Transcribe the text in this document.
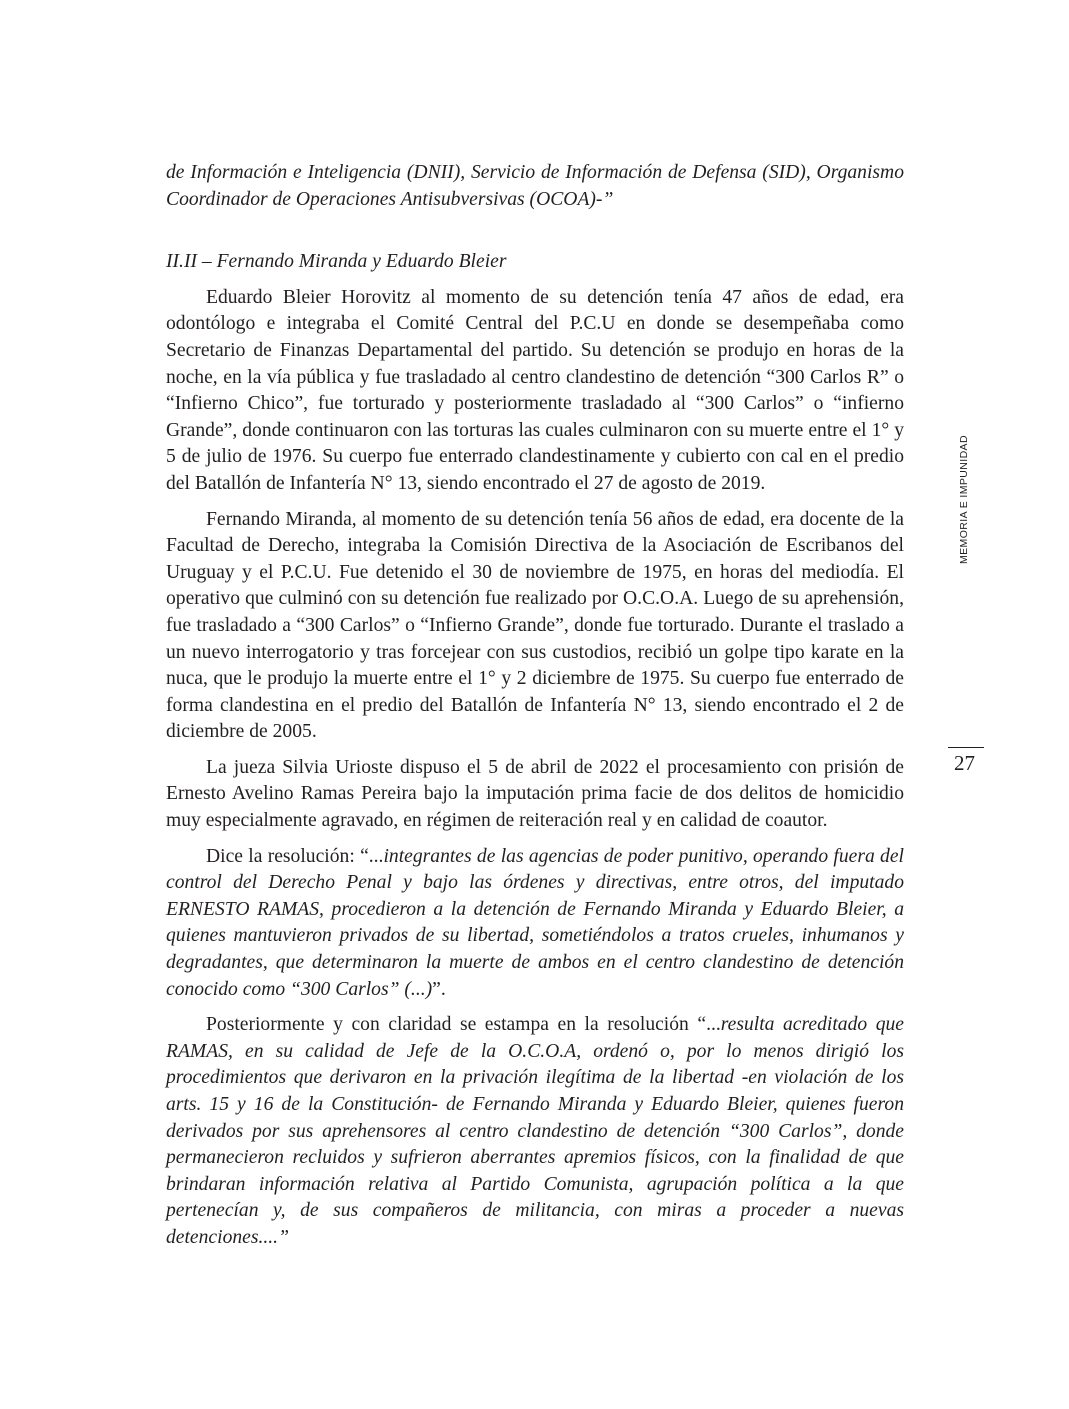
de Información e Inteligencia (DNII), Servicio de Información de Defensa (SID), Organismo Coordinador de Operaciones Antisubversivas (OCOA)-”

II.II – Fernando Miranda y Eduardo Bleier

Eduardo Bleier Horovitz al momento de su detención tenía 47 años de edad, era odontólogo e integraba el Comité Central del P.C.U en donde se desempeñaba como Secretario de Finanzas Departamental del partido. Su detención se produjo en horas de la noche, en la vía pública y fue trasladado al centro clandestino de detención “300 Carlos R” o “Infierno Chico”, fue torturado y posteriormente trasladado al “300 Carlos” o “infierno Grande”, donde continuaron con las torturas las cuales culminaron con su muerte entre el 1° y 5 de julio de 1976. Su cuerpo fue enterrado clandestinamente y cubierto con cal en el predio del Batallón de Infantería N° 13, siendo encontrado el 27 de agosto de 2019.

Fernando Miranda, al momento de su detención tenía 56 años de edad, era docente de la Facultad de Derecho, integraba la Comisión Directiva de la Asociación de Escribanos del Uruguay y el P.C.U. Fue detenido el 30 de noviembre de 1975, en horas del mediodía. El operativo que culminó con su detención fue realizado por O.C.O.A. Luego de su aprehensión, fue trasladado a “300 Carlos” o “Infierno Grande”, donde fue torturado. Durante el traslado a un nuevo interrogatorio y tras forcejear con sus custodios, recibió un golpe tipo karate en la nuca, que le produjo la muerte entre el 1° y 2 diciembre de 1975. Su cuerpo fue enterrado de forma clandestina en el predio del Batallón de Infantería N° 13, siendo encontrado el 2 de diciembre de 2005.

La jueza Silvia Urioste dispuso el 5 de abril de 2022 el procesamiento con prisión de Ernesto Avelino Ramas Pereira bajo la imputación prima facie de dos delitos de homicidio muy especialmente agravado, en régimen de reiteración real y en calidad de coautor.

Dice la resolución: “...integrantes de las agencias de poder punitivo, operando fuera del control del Derecho Penal y bajo las órdenes y directivas, entre otros, del imputado ERNESTO RAMAS, procedieron a la detención de Fernando Miranda y Eduardo Bleier, a quienes mantuvieron privados de su libertad, sometiéndolos a tratos crueles, inhumanos y degradantes, que determinaron la muerte de ambos en el centro clandestino de detención conocido como “300 Carlos” (...)”.

Posteriormente y con claridad se estampa en la resolución “...resulta acreditado que RAMAS, en su calidad de Jefe de la O.C.O.A, ordenó o, por lo menos dirigió los procedimientos que derivaron en la privación ilegítima de la libertad -en violación de los arts. 15 y 16 de la Constitución- de Fernando Miranda y Eduardo Bleier, quienes fueron derivados por sus aprehensores al centro clandestino de detención “300 Carlos”, donde permanecieron recluidos y sufrieron aberrantes apremios físicos, con la finalidad de que brindaran información relativa al Partido Comunista, agrupación política a la que pertenecían y, de sus compañeros de militancia, con miras a proceder a nuevas detenciones....”

MEMORIA E IMPUNIDAD
27
